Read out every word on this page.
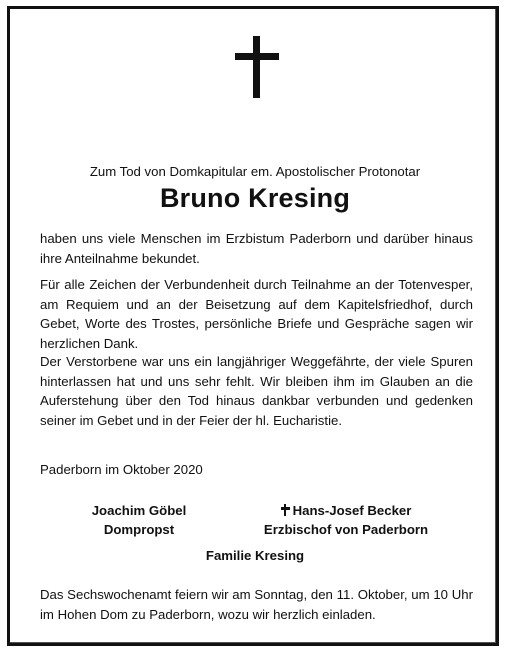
Zum Tod von Domkapitular em. Apostolischer Protonotar
Bruno Kresing
haben uns viele Menschen im Erzbistum Paderborn und darüber hinaus ihre Anteilnahme bekundet.
Für alle Zeichen der Verbundenheit durch Teilnahme an der Totenvesper, am Requiem und an der Beisetzung auf dem Kapitelsfriedhof, durch Gebet, Worte des Trostes, persönliche Briefe und Gespräche sagen wir herzlichen Dank.
Der Verstorbene war uns ein langjähriger Weggefährte, der viele Spuren hinterlassen hat und uns sehr fehlt. Wir bleiben ihm im Glauben an die Auferstehung über den Tod hinaus dankbar verbunden und gedenken seiner im Gebet und in der Feier der hl. Eucharistie.
Paderborn im Oktober 2020
Joachim Göbel
Dompropst
Hans-Josef Becker
Erzbischof von Paderborn
Familie Kresing
Das Sechswochenamt feiern wir am Sonntag, den 11. Oktober, um 10 Uhr im Hohen Dom zu Paderborn, wozu wir herzlich einladen.
